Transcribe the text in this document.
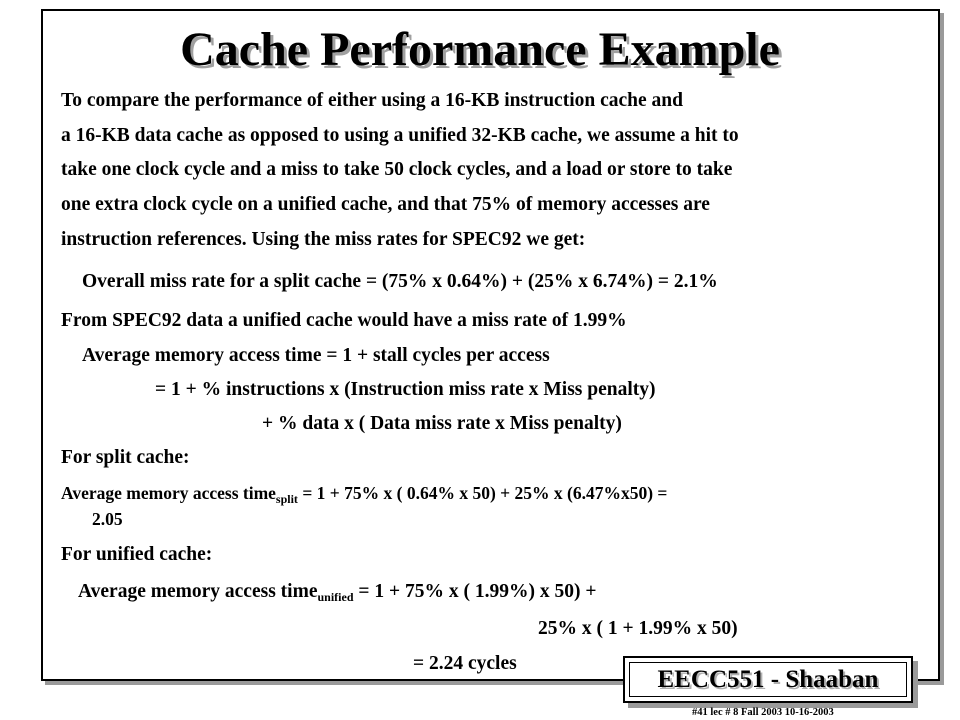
Cache Performance Example
To compare the performance of either using a 16-KB instruction cache and
a 16-KB data cache as opposed to using a unified 32-KB cache, we assume a hit to
take one clock cycle and a miss to take 50 clock cycles, and a load or store to take
one extra clock cycle on a unified cache, and that 75% of memory accesses are
instruction references. Using the miss rates for SPEC92 we get:
Overall miss rate for a split cache = (75% x 0.64%) + (25% x 6.74%) = 2.1%
From SPEC92 data a unified cache would have a miss rate of 1.99%
Average memory access time = 1 + stall cycles per access
= 1 + % instructions x (Instruction miss rate x Miss penalty)
+ % data x ( Data miss rate x Miss penalty)
For split cache:
Average memory access time$_{split}$ = 1 + 75% x ( 0.64% x 50) + 25% x (6.47%x50) =
2.05
For unified cache:
Average memory access time$_{unified}$ = 1 + 75% x ( 1.99%) x 50) +
25% x ( 1 + 1.99% x 50)
= 2.24 cycles
EECC551 - Shaaban
#41 lec # 8 Fall 2003 10-16-2003
